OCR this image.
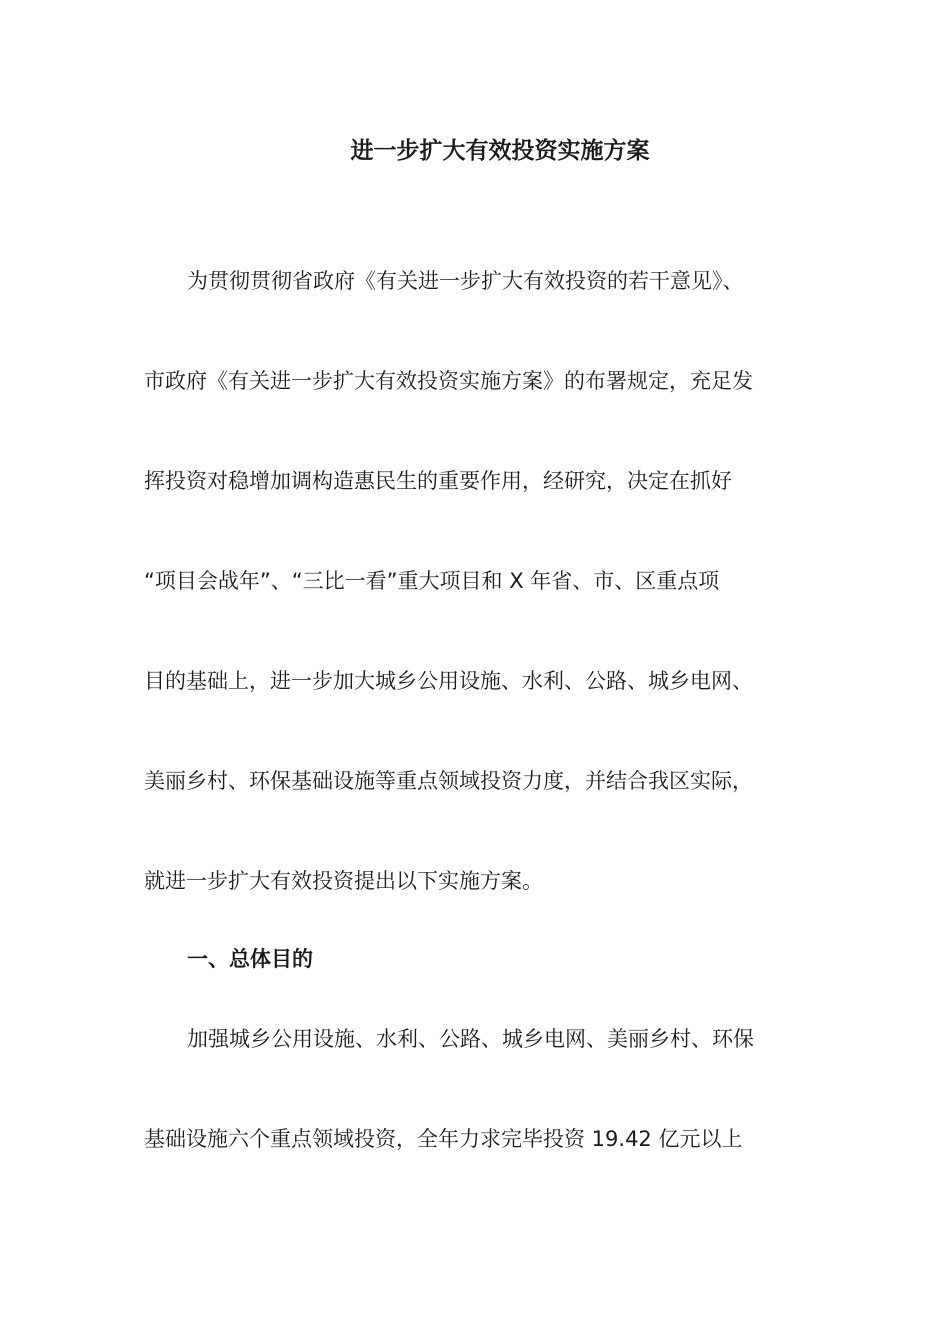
进一步扩大有效投资实施方案

为贯彻贯彻省政府《有关进一步扩大有效投资的若干意见》、

市政府《有关进一步扩大有效投资实施方案》的布署规定，充足发

挥投资对稳增加调构造惠民生的重要作用，经研究，决定在抓好

“项目会战年”、“三比一看”重大项目和 X 年省、市、区重点项

目的基础上，进一步加大城乡公用设施、水利、公路、城乡电网、

美丽乡村、环保基础设施等重点领域投资力度，并结合我区实际，

就进一步扩大有效投资提出以下实施方案。

一、总体目的

加强城乡公用设施、水利、公路、城乡电网、美丽乡村、环保

基础设施六个重点领域投资，全年力求完毕投资 19.42 亿元以上
